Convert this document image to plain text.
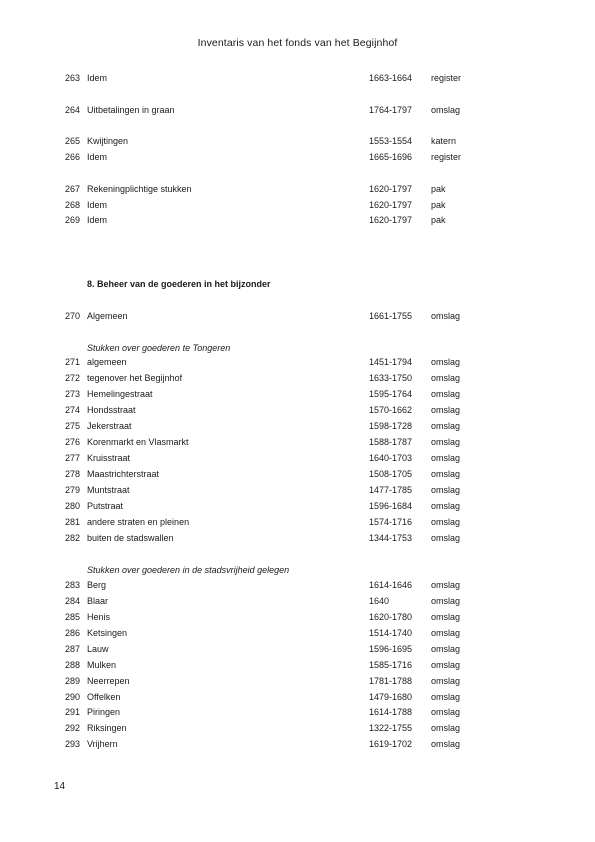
Inventaris van het fonds van het Begijnhof
263 Idem	1663-1664 register
264 Uitbetalingen in graan	1764-1797 omslag
265 Kwijtingen	1553-1554 katern
266 Idem	1665-1696 register
267 Rekeningplichtige stukken	1620-1797 pak
268 Idem	1620-1797 pak
269 Idem	1620-1797 pak
270 Algemeen	1661-1755 omslag
271 algemeen	1451-1794 omslag
272 tegenover het Begijnhof	1633-1750 omslag
273 Hemelingestraat	1595-1764 omslag
274 Hondsstraat	1570-1662 omslag
275 Jekerstraat	1598-1728 omslag
276 Korenmarkt en Vlasmarkt	1588-1787 omslag
277 Kruisstraat	1640-1703 omslag
278 Maastrichterstraat	1508-1705 omslag
279 Muntstraat	1477-1785 omslag
280 Putstraat	1596-1684 omslag
281 andere straten en pleinen	1574-1716 omslag
282 buiten de stadswallen	1344-1753 omslag
283 Berg	1614-1646 omslag
284 Blaar	1640	omslag
285 Henis	1620-1780 omslag
286 Ketsingen	1514-1740 omslag
287 Lauw	1596-1695 omslag
288 Mulken	1585-1716 omslag
289 Neerrepen	1781-1788 omslag
290 Offelken	1479-1680 omslag
291 Piringen	1614-1788 omslag
292 Riksingen	1322-1755 omslag
293 Vrijhern	1619-1702 omslag
8. Beheer van de goederen in het bijzonder
Stukken over goederen te Tongeren
Stukken over goederen in de stadsvrijheid gelegen
14
